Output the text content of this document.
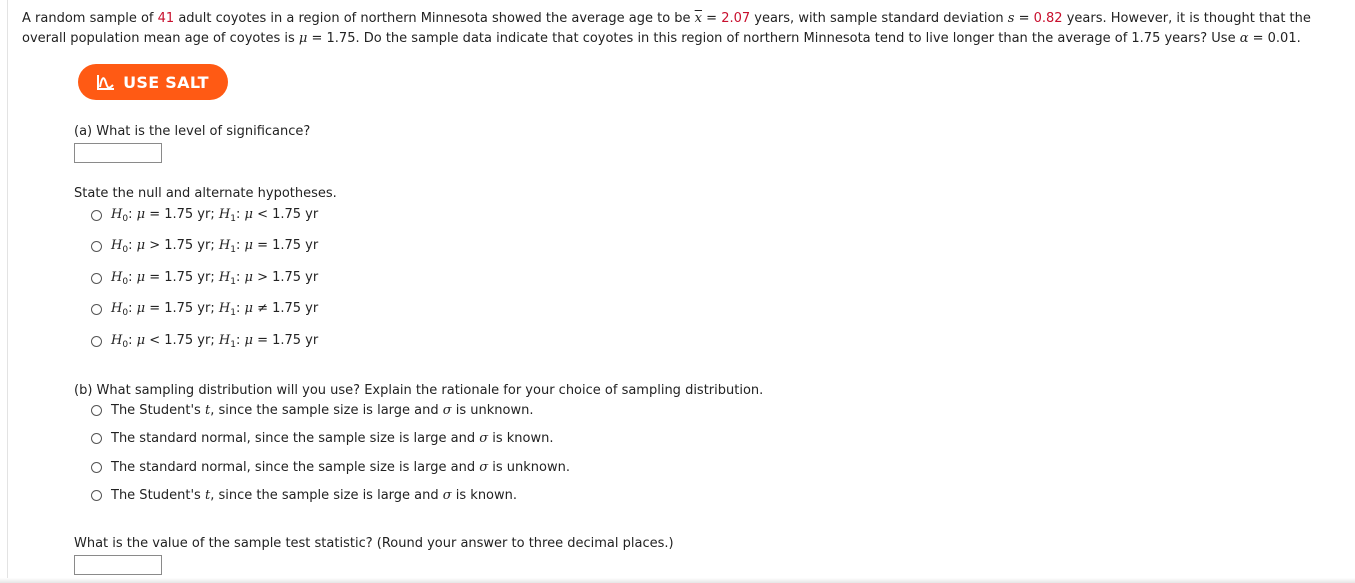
A random sample of 41 adult coyotes in a region of northern Minnesota showed the average age to be $\overline{x} = 2.07$ years, with sample standard deviation s = 0.82 years. However, it is thought that the overall population mean age of coyotes is μ = 1.75. Do the sample data indicate that coyotes in this region of northern Minnesota tend to live longer than the average of 1.75 years? Use α = 0.01.
USE SALT
(a) What is the level of significance?
State the null and alternate hypotheses.
$H_0$: μ = 1.75 yr; $H_1$: μ < 1.75 yr
$H_0$: μ > 1.75 yr; $H_1$: μ = 1.75 yr
$H_0$: μ = 1.75 yr; $H_1$: μ > 1.75 yr
$H_0$: μ = 1.75 yr; $H_1$: μ ≠ 1.75 yr
$H_0$: μ < 1.75 yr; $H_1$: μ = 1.75 yr
(b) What sampling distribution will you use? Explain the rationale for your choice of sampling distribution.
The Student's t, since the sample size is large and σ is unknown.
The standard normal, since the sample size is large and σ is known.
The standard normal, since the sample size is large and σ is unknown.
The Student's t, since the sample size is large and σ is known.
What is the value of the sample test statistic? (Round your answer to three decimal places.)
